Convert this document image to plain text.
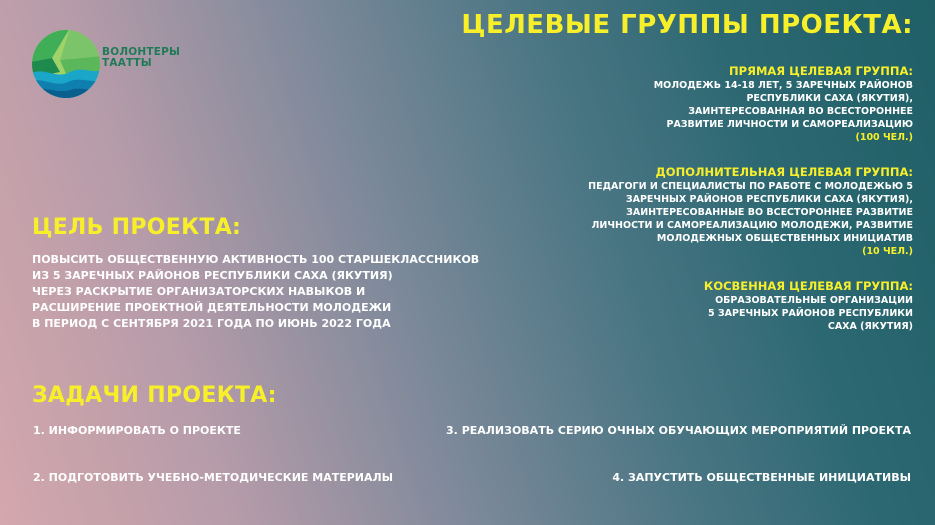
ВОЛОНТЕРЫ
ТААТТЫ
ЦЕЛЕВЫЕ ГРУППЫ ПРОЕКТА:
ПРЯМАЯ ЦЕЛЕВАЯ ГРУППА:
МОЛОДЕЖЬ 14-18 ЛЕТ, 5 ЗАРЕЧНЫХ РАЙОНОВ
РЕСПУБЛИКИ САХА (ЯКУТИЯ),
ЗАИНТЕРЕСОВАННАЯ ВО ВСЕСТОРОННЕЕ
РАЗВИТИЕ ЛИЧНОСТИ И САМОРЕАЛИЗАЦИЮ
(100 ЧЕЛ.)
ДОПОЛНИТЕЛЬНАЯ ЦЕЛЕВАЯ ГРУППА:
ПЕДАГОГИ И СПЕЦИАЛИСТЫ ПО РАБОТЕ С МОЛОДЕЖЬЮ 5
ЗАРЕЧНЫХ РАЙОНОВ РЕСПУБЛИКИ САХА (ЯКУТИЯ),
ЗАИНТЕРЕСОВАННЫЕ ВО ВСЕСТОРОННЕЕ РАЗВИТИЕ
ЛИЧНОСТИ И САМОРЕАЛИЗАЦИЮ МОЛОДЕЖИ, РАЗВИТИЕ
МОЛОДЕЖНЫХ ОБЩЕСТВЕННЫХ ИНИЦИАТИВ
(10 ЧЕЛ.)
КОСВЕННАЯ ЦЕЛЕВАЯ ГРУППА:
ОБРАЗОВАТЕЛЬНЫЕ ОРГАНИЗАЦИИ
5 ЗАРЕЧНЫХ РАЙОНОВ РЕСПУБЛИКИ
САХА (ЯКУТИЯ)
ЦЕЛЬ ПРОЕКТА:
ПОВЫСИТЬ ОБЩЕСТВЕННУЮ АКТИВНОСТЬ 100 СТАРШЕКЛАССНИКОВ
ИЗ 5 ЗАРЕЧНЫХ РАЙОНОВ РЕСПУБЛИКИ САХА (ЯКУТИЯ)
ЧЕРЕЗ РАСКРЫТИЕ ОРГАНИЗАТОРСКИХ НАВЫКОВ И
РАСШИРЕНИЕ ПРОЕКТНОЙ ДЕЯТЕЛЬНОСТИ МОЛОДЕЖИ
В ПЕРИОД С СЕНТЯБРЯ 2021 ГОДА ПО ИЮНЬ 2022 ГОДА
ЗАДАЧИ ПРОЕКТА:
1. ИНФОРМИРОВАТЬ О ПРОЕКТЕ
2. ПОДГОТОВИТЬ УЧЕБНО-МЕТОДИЧЕСКИЕ МАТЕРИАЛЫ
3. РЕАЛИЗОВАТЬ СЕРИЮ ОЧНЫХ ОБУЧАЮЩИХ МЕРОПРИЯТИЙ ПРОЕКТА
4. ЗАПУСТИТЬ ОБЩЕСТВЕННЫЕ ИНИЦИАТИВЫ
